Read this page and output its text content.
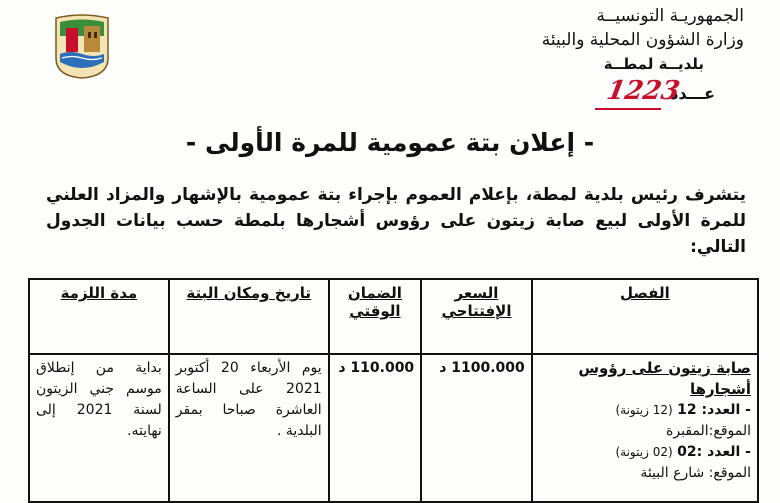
الجمهوريـة التونسيــة
وزارة الشؤون المحلية والبيئة
بلديــة لمطــة
عـــدد
1223
- إعلان بتة عمومية للمرة الأولى -
يتشرف رئيس بلدية لمطة، بإعلام العموم بإجراء بتة عمومية بالإشهار والمزاد العلني للمرة الأولى لبيع صابة زيتون على رؤوس أشجارها بلمطة حسب بيانات الجدول التالي:
الفصل	السعر الإفتتاحي	الضمان الوقتي	تاريخ ومكان البتة	مدة اللزمة

صابة زيتون على رؤوس أشجارها
- العدد: 12 (12 زيتونة)
الموقع:المقبرة
- العدد :02 (02 زيتونة)
الموقع: شارع البيئة	1100.000 د	110.000 د	يوم الأربعاء 20 أكتوبر 2021 على الساعة العاشرة صباحا بمقر البلدية .	بداية من إنطلاق موسم جني الزيتون لسنة 2021 إلى نهايته.
